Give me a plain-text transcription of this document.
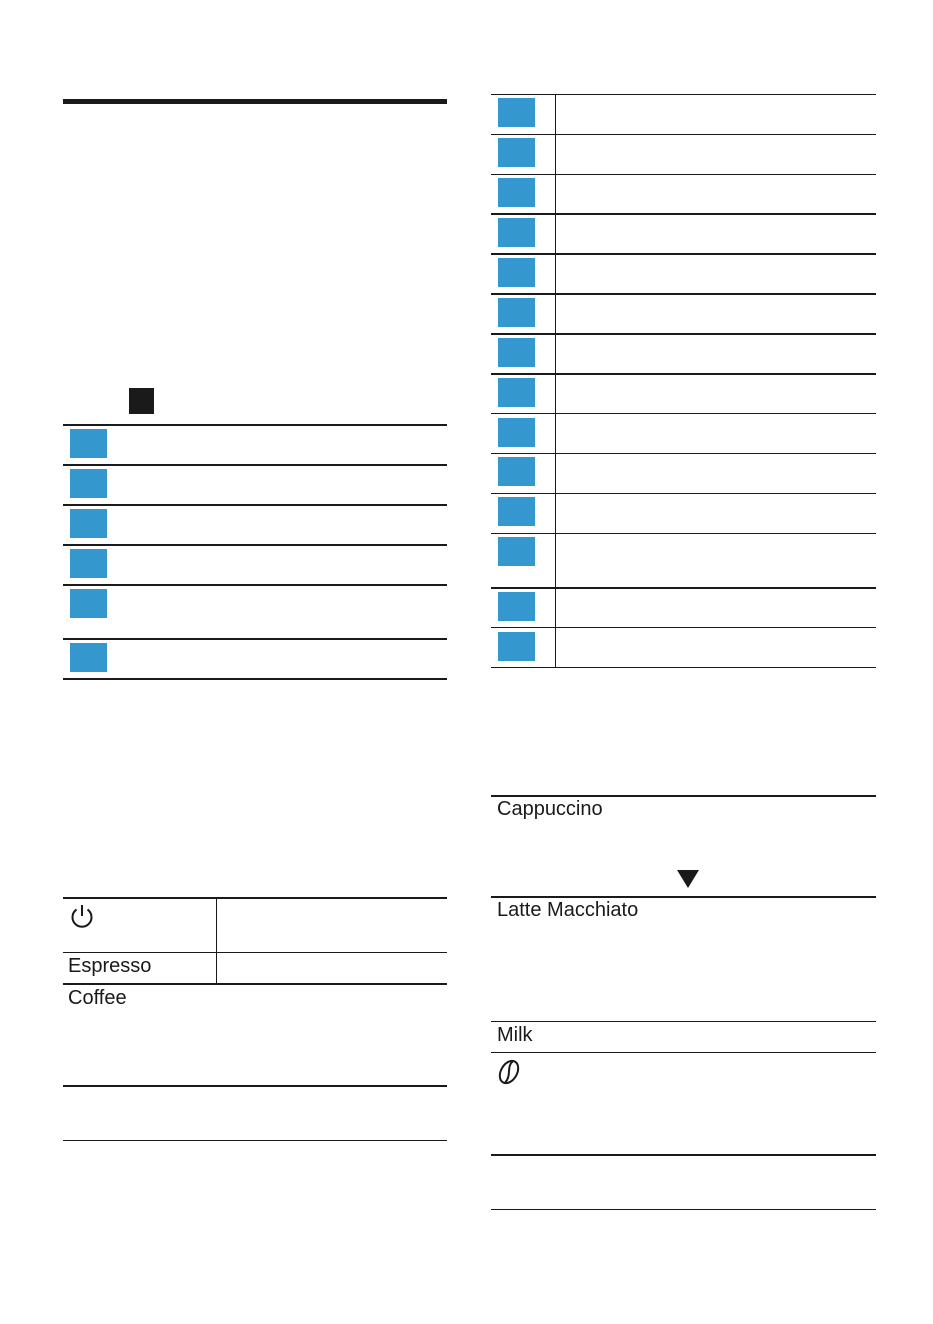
Espresso
Coffee
Cappuccino
Latte Macchiato
Milk
